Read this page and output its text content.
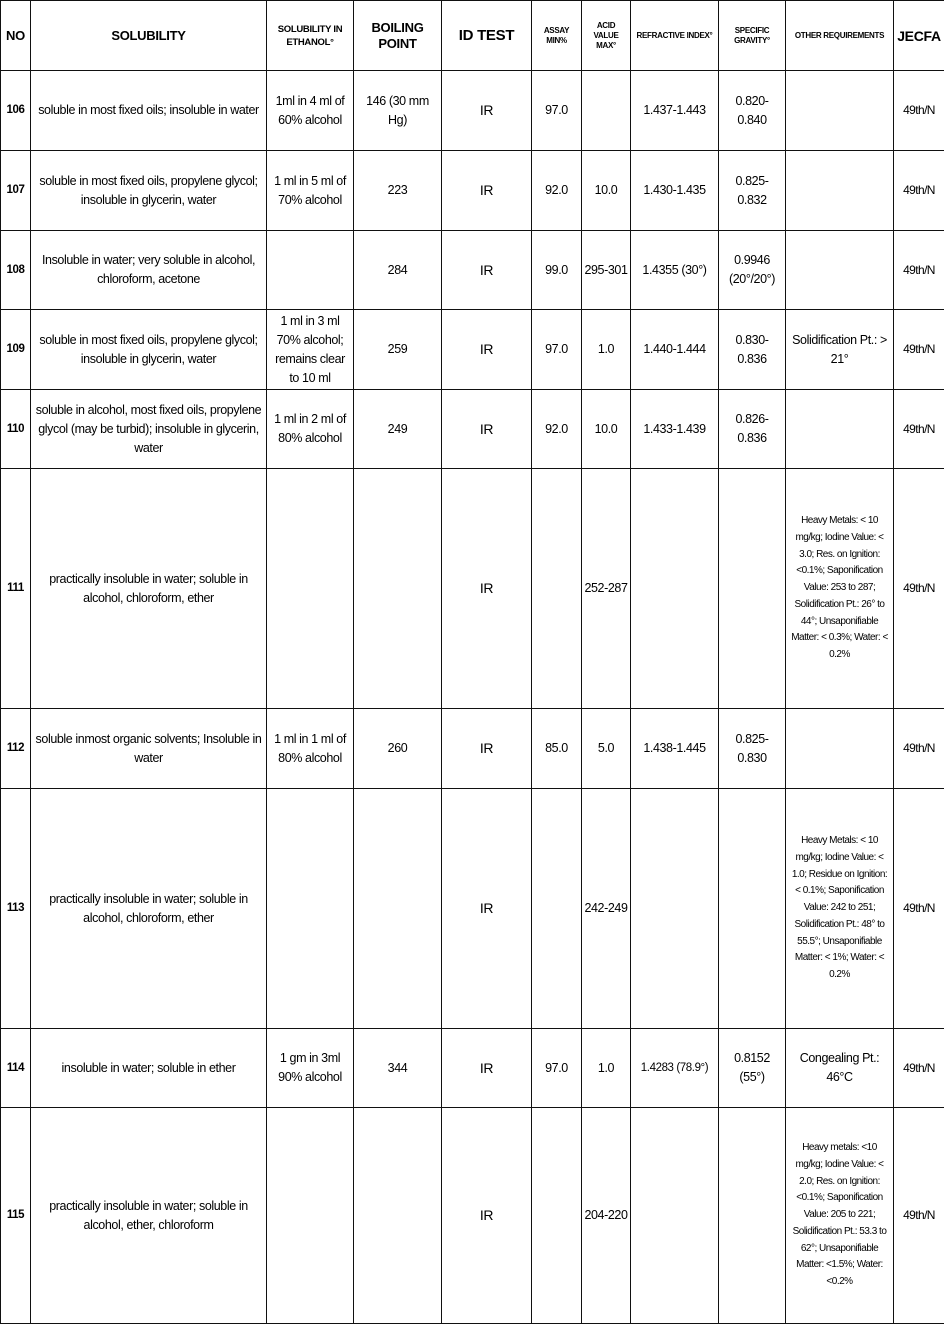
NO	SOLUBILITY	SOLUBILITY IN ETHANOL°	BOILING POINT	ID TEST	ASSAY MIN%	ACID VALUE MAX°	REFRACTIVE INDEX°	SPECIFIC GRAVITY°	OTHER REQUIREMENTS	JECFA
106	soluble in most fixed oils; insoluble in water	1ml in 4 ml of 60% alcohol	146 (30 mm Hg)	IR	97.0		1.437-1.443	0.820-0.840		49th/N
107	soluble in most fixed oils, propylene glycol; insoluble in glycerin, water	1 ml in 5 ml of 70% alcohol	223	IR	92.0	10.0	1.430-1.435	0.825-0.832		49th/N
108	Insoluble in water; very soluble in alcohol, chloroform, acetone		284	IR	99.0	295-301	1.4355 (30°)	0.9946 (20°/20°)		49th/N
109	soluble in most fixed oils, propylene glycol; insoluble in glycerin, water	1 ml in 3 ml 70% alcohol; remains clear to 10 ml	259	IR	97.0	1.0	1.440-1.444	0.830-0.836	Solidification Pt.: > 21°	49th/N
110	soluble in alcohol, most fixed oils, propylene glycol (may be turbid); insoluble in glycerin, water	1 ml in 2 ml of 80% alcohol	249	IR	92.0	10.0	1.433-1.439	0.826-0.836		49th/N
111	practically insoluble in water; soluble in alcohol, chloroform, ether			IR		252-287			Heavy Metals: < 10 mg/kg; Iodine Value: < 3.0; Res. on Ignition: <0.1%; Saponification Value: 253 to 287; Solidification Pt.: 26° to 44°; Unsaponifiable Matter: < 0.3%; Water: < 0.2%	49th/N
112	soluble inmost organic solvents; Insoluble in water	1 ml in 1 ml of 80% alcohol	260	IR	85.0	5.0	1.438-1.445	0.825-0.830		49th/N
113	practically insoluble in water; soluble in alcohol, chloroform, ether			IR		242-249			Heavy Metals: < 10 mg/kg; Iodine Value: < 1.0; Residue on Ignition: < 0.1%; Saponification Value: 242 to 251; Solidification Pt.: 48° to 55.5°; Unsaponifiable Matter: < 1%; Water: < 0.2%	49th/N
114	insoluble in water; soluble in ether	1 gm in 3ml 90% alcohol	344	IR	97.0	1.0	1.4283 (78.9°)	0.8152 (55°)	Congealing Pt.: 46°C	49th/N
115	practically insoluble in water; soluble in alcohol, ether, chloroform			IR		204-220			Heavy metals: <10 mg/kg; Iodine Value: < 2.0; Res. on Ignition: <0.1%; Saponification Value: 205 to 221; Solidification Pt.: 53.3 to 62°; Unsaponifiable Matter: <1.5%; Water: <0.2%	49th/N
